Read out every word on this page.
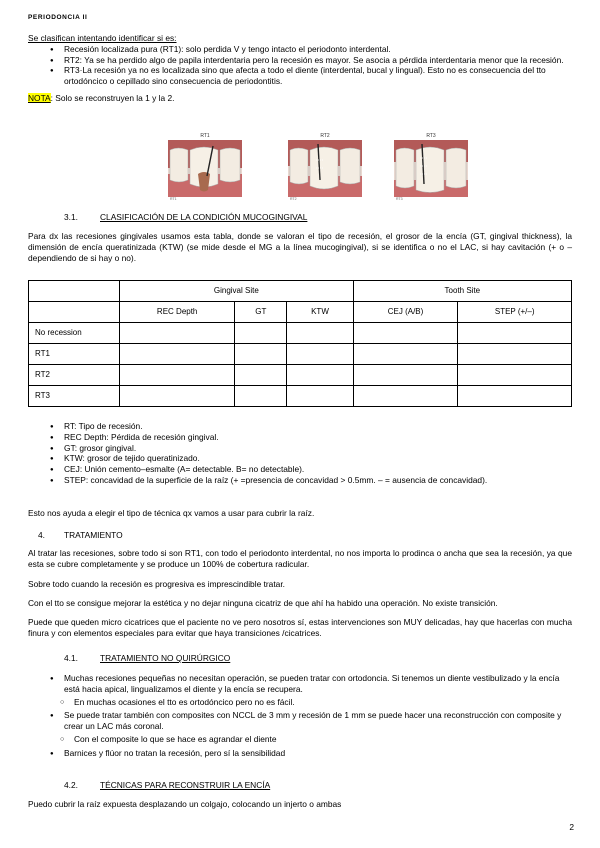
PERIODONCIA II

Se clasifican intentando identificar si es:

● Recesión localizada pura (RT1): solo perdida V y tengo intacto el periodonto interdental.
● RT2: Ya se ha perdido algo de papila interdentaria pero la recesión es mayor. Se asocia a pérdida interdentaria menor que la recesión.
● RT3·La recesión ya no es localizada sino que afecta a todo el diente (interdental, bucal y lingual). Esto no es consecuencia del tto ortodóncico o cepillado sino consecuencia de periodontitis.

NOTA: Solo se reconstruyen la 1 y la 2.

RT1
RT1
RT2
RT2
RT3
RT3
3.1.	CLASIFICACIÓN DE LA CONDICIÓN MUCOGINGIVAL

Para dx las recesiones gingivales usamos esta tabla, donde se valoran el tipo de recesión, el grosor de la encía (GT, gingival thickness), la dimensión de encía queratinizada (KTW) (se mide desde el MG a la línea mucogingival), si se identifica o no el LAC, si hay cavitación (+ o – dependiendo de si hay o no).

	Gingival Site			Tooth Site	
	REC Depth	GT	KTW	CEJ (A/B)	STEP (+/–)
No recession					
RT1					
RT2					
RT3					
● RT: Tipo de recesión.
● REC Depth: Pérdida de recesión gingival.
● GT: grosor gingival.
● KTW: grosor de tejido queratinizado.
● CEJ: Unión cemento–esmalte (A= detectable. B= no detectable).
● STEP: concavidad de la superficie de la raíz (+ =presencia de concavidad > 0.5mm. – = ausencia de concavidad).

Esto nos ayuda a elegir el tipo de técnica qx vamos a usar para cubrir la raíz.

4. TRATAMIENTO

Al tratar las recesiones, sobre todo si son RT1, con todo el periodonto interdental, no nos importa lo prodinca o ancha que sea la recesión, ya que esta se cubre completamente y se produce un 100% de cobertura radicular.

Sobre todo cuando la recesión es progresiva es imprescindible tratar.

Con el tto se consigue mejorar la estética y no dejar ninguna cicatriz de que ahí ha habido una operación. No existe transición.

Puede que queden micro cicatrices que el paciente no ve pero nosotros sí, estas intervenciones son MUY delicadas, hay que hacerlas con mucha finura y con elementos especiales para evitar que haya transiciones /cicatrices.

4.1.	TRATAMIENTO NO QUIRÚRGICO
● Muchas recesiones pequeñas no necesitan operación, se pueden tratar con ortodoncia. Si tenemos un diente vestibulizado y la encía está hacia apical, lingualizamos el diente y la encía se recupera.
○ En muchas ocasiones el tto es ortodóncico pero no es fácil.
● Se puede tratar también con composites con NCCL de 3 mm y recesión de 1 mm se puede hacer una reconstrucción con composite y crear un LAC más coronal.
○ Con el composite lo que se hace es agrandar el diente
● Barnices y flúor no tratan la recesión, pero sí la sensibilidad
4.2.	TÉCNICAS PARA RECONSTRUIR LA ENCÍA

Puedo cubrir la raíz expuesta desplazando un colgajo, colocando un injerto o ambas

2
